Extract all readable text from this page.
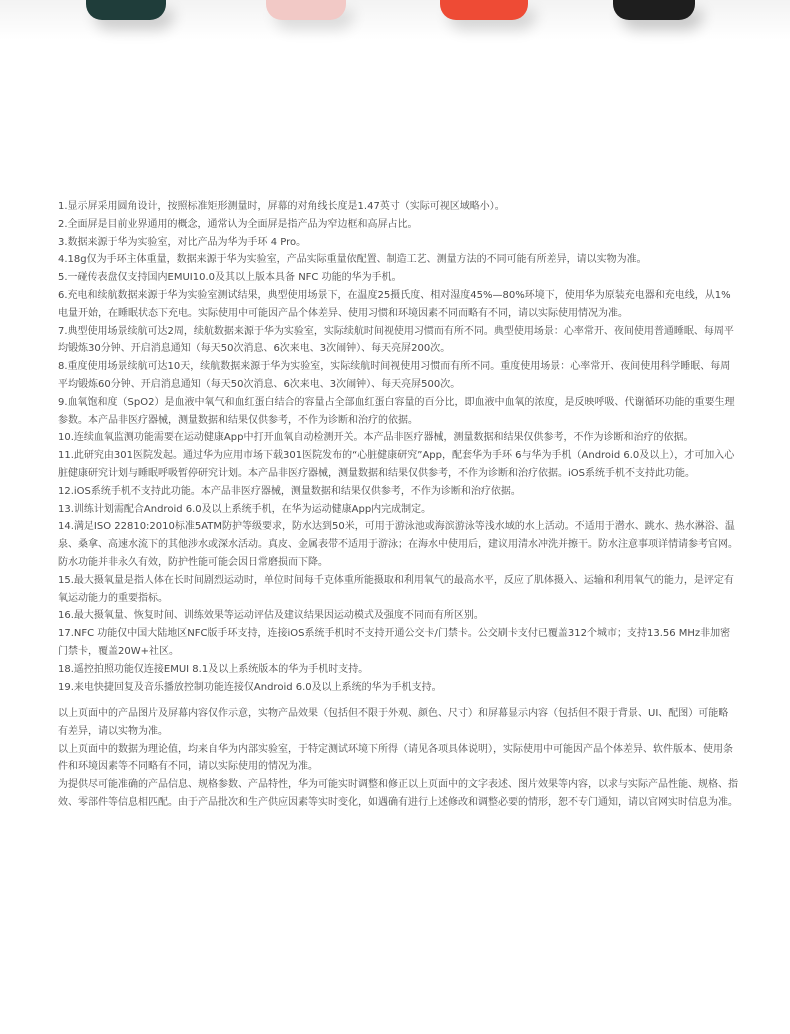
1.显示屏采用圆角设计，按照标准矩形测量时，屏幕的对角线长度是1.47英寸（实际可视区域略小）。

2.全面屏是目前业界通用的概念，通常认为全面屏是指产品为窄边框和高屏占比。

3.数据来源于华为实验室，对比产品为华为手环 4 Pro。

4.18g仅为手环主体重量，数据来源于华为实验室，产品实际重量依配置、制造工艺、测量方法的不同可能有所差异，请以实物为准。

5.一碰传表盘仅支持国内EMUI10.0及其以上版本具备 NFC 功能的华为手机。

6.充电和续航数据来源于华为实验室测试结果，典型使用场景下，在温度25摄氏度、相对湿度45%—80%环境下，使用华为原装充电器和充电线，从1%电量开始，在睡眠状态下充电。实际使用中可能因产品个体差异、使用习惯和环境因素不同而略有不同，请以实际使用情况为准。

7.典型使用场景续航可达2周，续航数据来源于华为实验室，实际续航时间视使用习惯而有所不同。典型使用场景：心率常开、夜间使用普通睡眠、每周平均锻炼30分钟、开启消息通知（每天50次消息、6次来电、3次闹钟）、每天亮屏200次。

8.重度使用场景续航可达10天，续航数据来源于华为实验室，实际续航时间视使用习惯而有所不同。重度使用场景：心率常开、夜间使用科学睡眠、每周平均锻炼60分钟、开启消息通知（每天50次消息、6次来电、3次闹钟）、每天亮屏500次。

9.血氧饱和度（SpO2）是血液中氧气和血红蛋白结合的容量占全部血红蛋白容量的百分比，即血液中血氧的浓度，是反映呼吸、代谢循环功能的重要生理参数。本产品非医疗器械，测量数据和结果仅供参考，不作为诊断和治疗的依据。

10.连续血氧监测功能需要在运动健康App中打开血氧自动检测开关。本产品非医疗器械，测量数据和结果仅供参考，不作为诊断和治疗的依据。

11.此研究由301医院发起。通过华为应用市场下载301医院发布的“心脏健康研究”App，配套华为手环 6与华为手机（Android 6.0及以上），才可加入心脏健康研究计划与睡眠呼吸暂停研究计划。本产品非医疗器械，测量数据和结果仅供参考，不作为诊断和治疗依据。iOS系统手机不支持此功能。

12.iOS系统手机不支持此功能。本产品非医疗器械，测量数据和结果仅供参考，不作为诊断和治疗依据。

13.训练计划需配合Android 6.0及以上系统手机，在华为运动健康App内完成制定。

14.满足ISO 22810:2010标准5ATM防护等级要求，防水达到50米，可用于游泳池或海滨游泳等浅水域的水上活动。不适用于潜水、跳水、热水淋浴、温泉、桑拿、高速水流下的其他涉水或深水活动。真皮、金属表带不适用于游泳；在海水中使用后，建议用清水冲洗并擦干。防水注意事项详情请参考官网。防水功能并非永久有效，防护性能可能会因日常磨损而下降。

15.最大摄氧量是指人体在长时间剧烈运动时，单位时间每千克体重所能摄取和利用氧气的最高水平，反应了肌体摄入、运输和利用氧气的能力，是评定有氧运动能力的重要指标。

16.最大摄氧量、恢复时间、训练效果等运动评估及建议结果因运动模式及强度不同而有所区别。

17.NFC 功能仅中国大陆地区NFC版手环支持，连接iOS系统手机时不支持开通公交卡/门禁卡。公交刷卡支付已覆盖312个城市；支持13.56 MHz非加密门禁卡，覆盖20W+社区。

18.遥控拍照功能仅连接EMUI 8.1及以上系统版本的华为手机时支持。

19.来电快捷回复及音乐播放控制功能连接仅Android 6.0及以上系统的华为手机支持。

以上页面中的产品图片及屏幕内容仅作示意，实物产品效果（包括但不限于外观、颜色、尺寸）和屏幕显示内容（包括但不限于背景、UI、配图）可能略有差异，请以实物为准。

以上页面中的数据为理论值，均来自华为内部实验室，于特定测试环境下所得（请见各项具体说明），实际使用中可能因产品个体差异、软件版本、使用条件和环境因素等不同略有不同，请以实际使用的情况为准。

为提供尽可能准确的产品信息、规格参数、产品特性，华为可能实时调整和修正以上页面中的文字表述、图片效果等内容，以求与实际产品性能、规格、指效、零部件等信息相匹配。由于产品批次和生产供应因素等实时变化，如遇确有进行上述修改和调整必要的情形，恕不专门通知，请以官网实时信息为准。
